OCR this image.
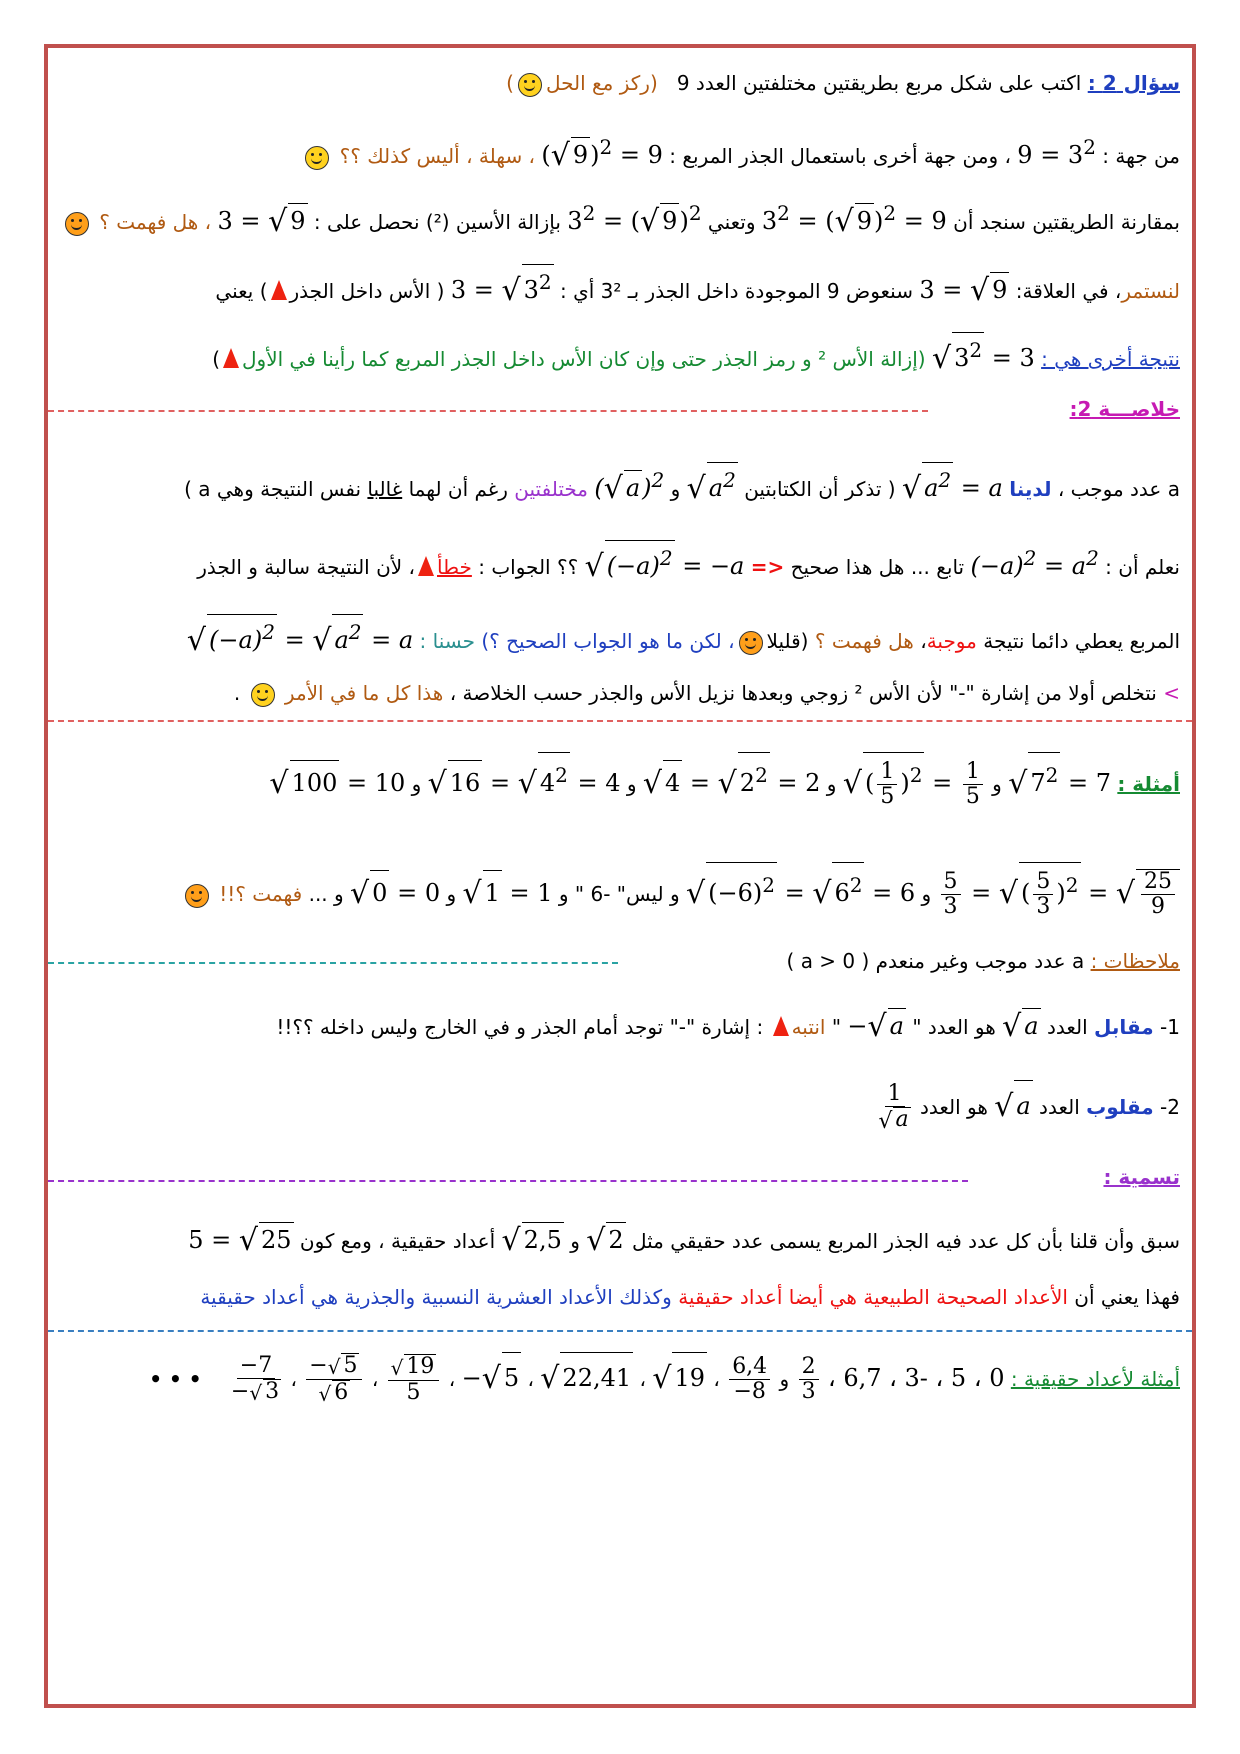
سؤال 2 : اكتب على شكل مربع بطريقتين مختلفتين العدد 9   (ركز مع الحل)
من جهة : $9 = 3^2$ ، ومن جهة أخرى باستعمال الجذر المربع : (√ 9)$^2$ = 9 ، سهلة ، أليس كذلك ؟؟
بمقارنة الطريقتين سنجد أن $3^2$ = (√ 9)$^2$ = 9 وتعني $3^2$ = (√ 9)$^2$ بإزالة الأسين (²) نحصل على : 3 = √ 9 ، هل فهمت ؟
لنستمر، في العلاقة: 3 = √ 9 سنعوض 9 الموجودة داخل الجذر بـ 3² أي : 3 = √ $3^2$ ( الأس داخل الجذر) يعني
نتيجة أخرى هي : √ $3^2 = 3$ (إزالة الأس ² و رمز الجذر حتى وإن كان الأس داخل الجذر المربع كما رأينا في الأول)
خلاصـــة 2:
a عدد موجب ، لدينا √ $a^2 = a$ ( تذكر أن الكتابتين √ $a^2$ و (√ a)$^2$ مختلفتين رغم أن لهما غالبا نفس النتيجة وهي a )
نعلم أن : $(-a)^2 = a^2$ تابع ... هل هذا صحيح <= √ $(-a)^2 = -a$ ؟؟ الجواب : خطأ، لأن النتيجة سالبة و الجذر
المربع يعطي دائما نتيجة موجبة، هل فهمت ؟ (قليلا، لكن ما هو الجواب الصحيح ؟) حسنا : √ $(-a)^2$ = √ $a^2 = a$
> نتخلص أولا من إشارة "-" لأن الأس ² زوجي وبعدها نزيل الأس والجذر حسب الخلاصة ، هذا كل ما في الأمر  .
أمثلة : √ $7^2 = 7$ و √ ( $\frac{1}{5} )^2 = \frac{1}{5}$
و √ 4 = √ $2^2 = 2$ و √ 16 = √ $4^2 = 4$ و √ 100 = 10
$\frac{5}{3}$ = √ ( $\frac{5}{3} )^2$ = √ $\frac{25}{9}$
و √ $(-6)^2$ = √ $6^2 = 6$ و ليس" -6 " و √ 1 = 1 و √ 0 = 0 و ... فهمت ؟!!
ملاحظات : a عدد موجب وغير منعدم ( a > 0 )
1- مقابل العدد √ a هو العدد " −√ a " انتبه : إشارة "-" توجد أمام الجذر و في الخارج وليس داخله ؟؟!!
2- مقلوب العدد √ a هو العدد
$\frac{1}{√ a}$
تسمية :
سبق وأن قلنا بأن كل عدد فيه الجذر المربع يسمى عدد حقيقي مثل √ 2 و √ 2,5 أعداد حقيقية ، ومع كون 5 = √ 25
فهذا يعني أن الأعداد الصحيحة الطبيعية هي أيضا أعداد حقيقية وكذلك الأعداد العشرية النسبية والجذرية هي أعداد حقيقية
أمثلة لأعداد حقيقية : 0 ، 5 ، -3 ، 6,7 ،
$\frac{2}{3}$
و
$\frac{6,4}{-8}$
، √ 19 ، √ 22,41 ، −√ 5 ،
$\frac{√ 19}{5}$
،
$\frac{-√ 5}{√ 6}$
،
$\frac{-7}{-√ 3}$
• • •
